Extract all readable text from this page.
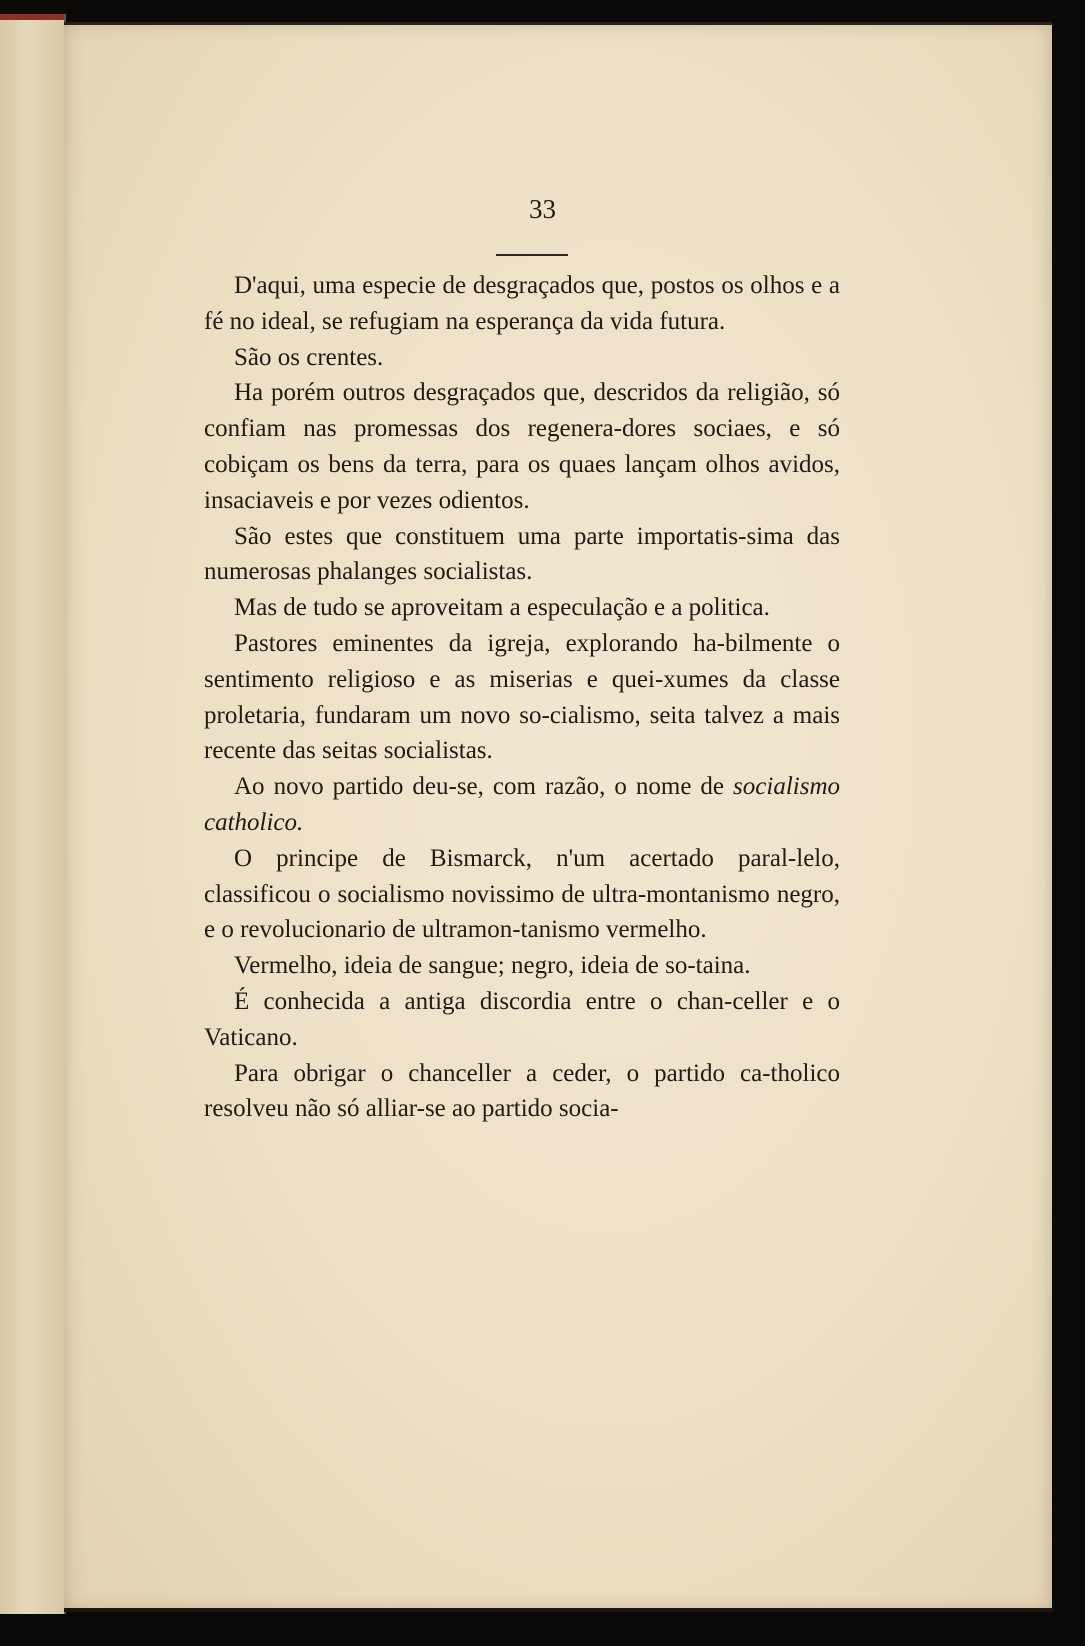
33

D'aqui, uma especie de desgraçados que, postos os olhos e a fé no ideal, se refugiam na esperança da vida futura.

São os crentes.

Ha porém outros desgraçados que, descridos da religião, só confiam nas promessas dos regenera-dores sociaes, e só cobiçam os bens da terra, para os quaes lançam olhos avidos, insaciaveis e por vezes odientos.

São estes que constituem uma parte importatis-sima das numerosas phalanges socialistas.

Mas de tudo se aproveitam a especulação e a politica.

Pastores eminentes da igreja, explorando ha-bilmente o sentimento religioso e as miserias e quei-xumes da classe proletaria, fundaram um novo so-cialismo, seita talvez a mais recente das seitas socialistas.

Ao novo partido deu-se, com razão, o nome de socialismo catholico.

O principe de Bismarck, n'um acertado paral-lelo, classificou o socialismo novissimo de ultra-montanismo negro, e o revolucionario de ultramon-tanismo vermelho.

Vermelho, ideia de sangue; negro, ideia de so-taina.

É conhecida a antiga discordia entre o chan-celler e o Vaticano.

Para obrigar o chanceller a ceder, o partido ca-tholico resolveu não só alliar-se ao partido socia-
